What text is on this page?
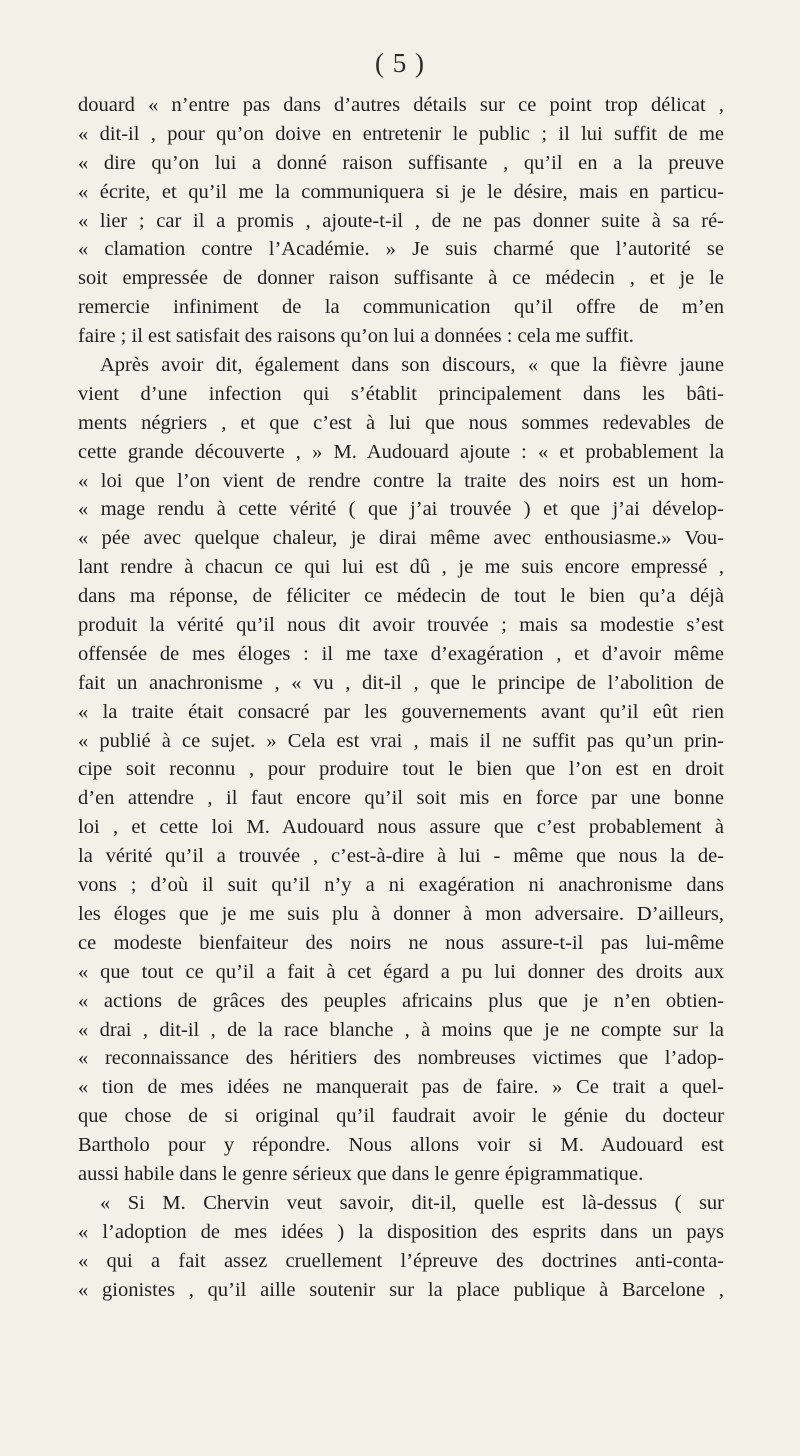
( 5 )
douard « n’entre pas dans d’autres détails sur ce point trop délicat ,
« dit-il , pour qu’on doive en entretenir le public ; il lui suffit de me
« dire qu’on lui a donné raison suffisante , qu’il en a la preuve
« écrite, et qu’il me la communiquera si je le désire, mais en particu-
« lier ; car il a promis , ajoute-t-il , de ne pas donner suite à sa ré-
« clamation contre l’Académie. » Je suis charmé que l’autorité se
soit empressée de donner raison suffisante à ce médecin , et je le
remercie infiniment de la communication qu’il offre de m’en
faire ; il est satisfait des raisons qu’on lui a données : cela me suffit.
Après avoir dit, également dans son discours, « que la fièvre jaune
vient d’une infection qui s’établit principalement dans les bâti-
ments négriers , et que c’est à lui que nous sommes redevables de
cette grande découverte , » M. Audouard ajoute : « et probablement la
« loi que l’on vient de rendre contre la traite des noirs est un hom-
« mage rendu à cette vérité ( que j’ai trouvée ) et que j’ai dévelop-
« pée avec quelque chaleur, je dirai même avec enthousiasme.» Vou-
lant rendre à chacun ce qui lui est dû , je me suis encore empressé ,
dans ma réponse, de féliciter ce médecin de tout le bien qu’a déjà
produit la vérité qu’il nous dit avoir trouvée ; mais sa modestie s’est
offensée de mes éloges : il me taxe d’exagération , et d’avoir même
fait un anachronisme , « vu , dit-il , que le principe de l’abolition de
« la traite était consacré par les gouvernements avant qu’il eût rien
« publié à ce sujet. » Cela est vrai , mais il ne suffit pas qu’un prin-
cipe soit reconnu , pour produire tout le bien que l’on est en droit
d’en attendre , il faut encore qu’il soit mis en force par une bonne
loi , et cette loi M. Audouard nous assure que c’est probablement à
la vérité qu’il a trouvée , c’est-à-dire à lui - même que nous la de-
vons ; d’où il suit qu’il n’y a ni exagération ni anachronisme dans
les éloges que je me suis plu à donner à mon adversaire. D’ailleurs,
ce modeste bienfaiteur des noirs ne nous assure-t-il pas lui-même
« que tout ce qu’il a fait à cet égard a pu lui donner des droits aux
« actions de grâces des peuples africains plus que je n’en obtien-
« drai , dit-il , de la race blanche , à moins que je ne compte sur la
« reconnaissance des héritiers des nombreuses victimes que l’adop-
« tion de mes idées ne manquerait pas de faire. » Ce trait a quel-
que chose de si original qu’il faudrait avoir le génie du docteur
Bartholo pour y répondre. Nous allons voir si M. Audouard est
aussi habile dans le genre sérieux que dans le genre épigrammatique.
« Si M. Chervin veut savoir, dit-il, quelle est là-dessus ( sur
« l’adoption de mes idées ) la disposition des esprits dans un pays
« qui a fait assez cruellement l’épreuve des doctrines anti-conta-
« gionistes , qu’il aille soutenir sur la place publique à Barcelone ,
